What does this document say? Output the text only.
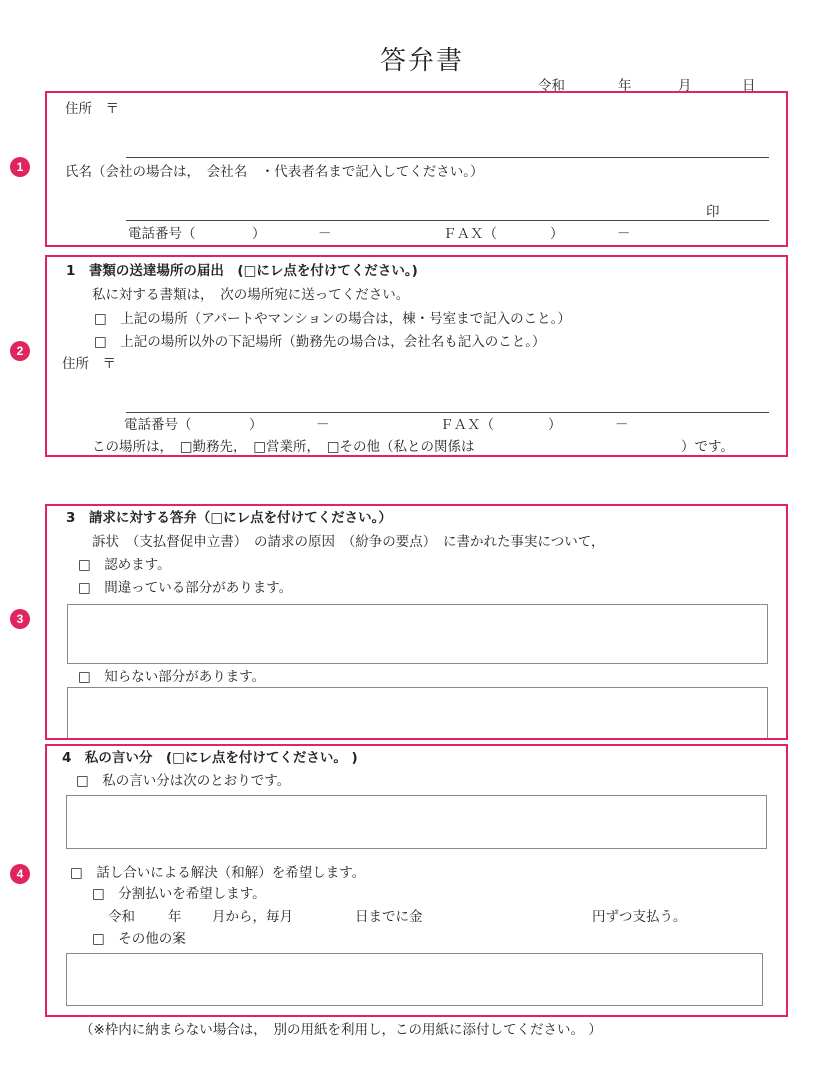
答弁書
令和	年	月	日
1
住所　〒
氏名（会社の場合は，　会社名　・代表者名まで記入してください。）
印
電話番号（	）	－	ＦＡＸ（	）	－
2
1　書類の送達場所の届出　(□にレ点を付けてください。)
私に対する書類は，　次の場所宛に送ってください。
□　上記の場所（アパートやマンションの場合は，棟・号室まで記入のこと。）
□　上記の場所以外の下記場所（勤務先の場合は，会社名も記入のこと。）
住所　〒
電話番号（	）	－	ＦＡＸ（	）	－
この場所は，　□勤務先，　□営業所，　□その他（私との関係は	）です。
3
3　請求に対する答弁（□にレ点を付けてください。）
訴状　（支払督促申立書）　の請求の原因　（紛争の要点）　に書かれた事実について，
□　認めます。
□　間違っている部分があります。
□　知らない部分があります。
4
4　私の言い分　(□にレ点を付けてください。 )
□　私の言い分は次のとおりです。
□　話し合いによる解決（和解）を希望します。
□　分割払いを希望します。
令和 年 月から，毎月	日までに金	円ずつ支払う。
□　その他の案
（※枠内に納まらない場合は，　別の用紙を利用し，この用紙に添付してください。 ）
